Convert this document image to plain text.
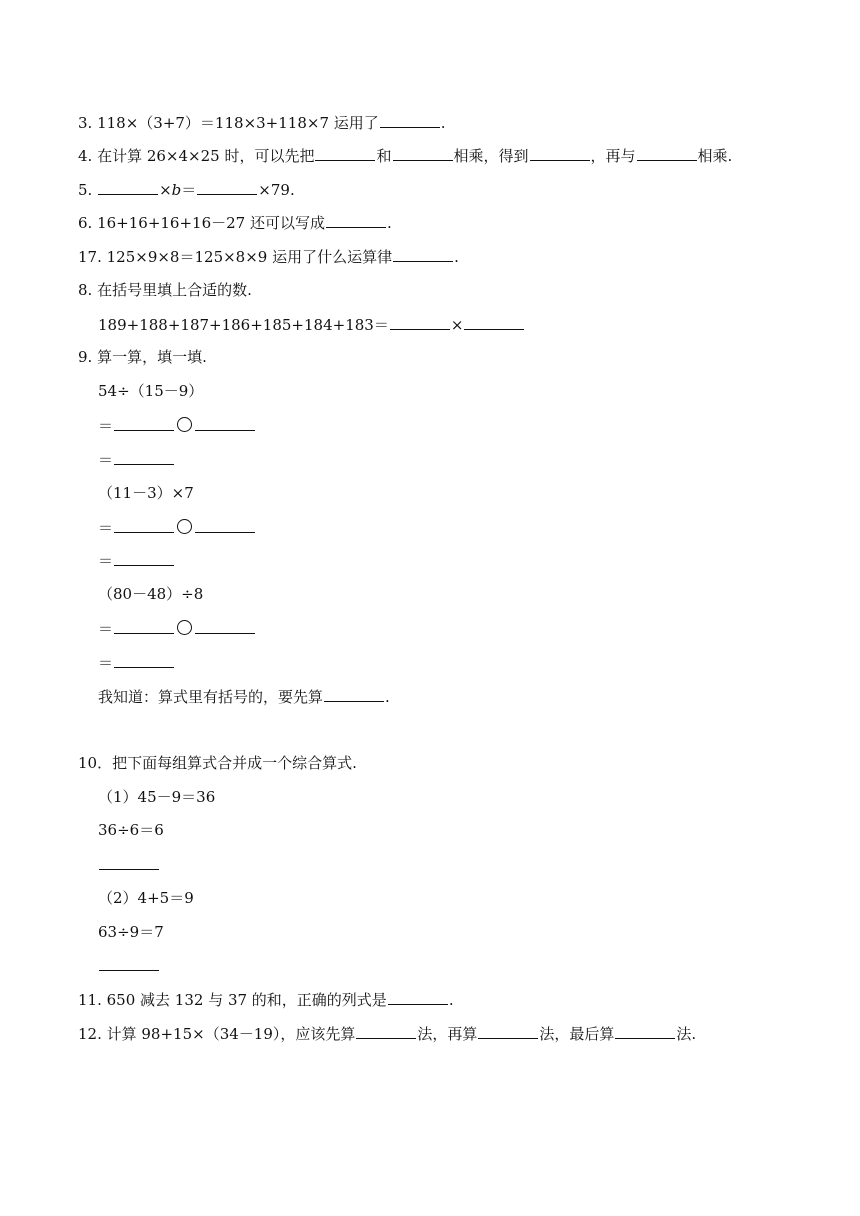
3. 118×（3+7）＝118×3+118×7 运用了	.
4. 在计算 26×4×25 时，可以先把	和	相乘，得到	，再与	相乘.
5.	×b＝	×79.
6. 16+16+16+16－27 还可以写成	.
17. 125×9×8＝125×8×9 运用了什么运算律	.
8. 在括号里填上合适的数.
189+188+187+186+185+184+183＝	×
9. 算一算，填一填.
54÷（15－9）
＝
＝
（11－3）×7
＝
＝
（80－48）÷8
＝
＝
我知道：算式里有括号的，要先算	.
10．把下面每组算式合并成一个综合算式.
（1）45－9＝36
36÷6＝6
（2）4+5＝9
63÷9＝7
11. 650 减去 132 与 37 的和，正确的列式是	.
12. 计算 98+15×（34－19），应该先算	法，再算	法，最后算	法.
